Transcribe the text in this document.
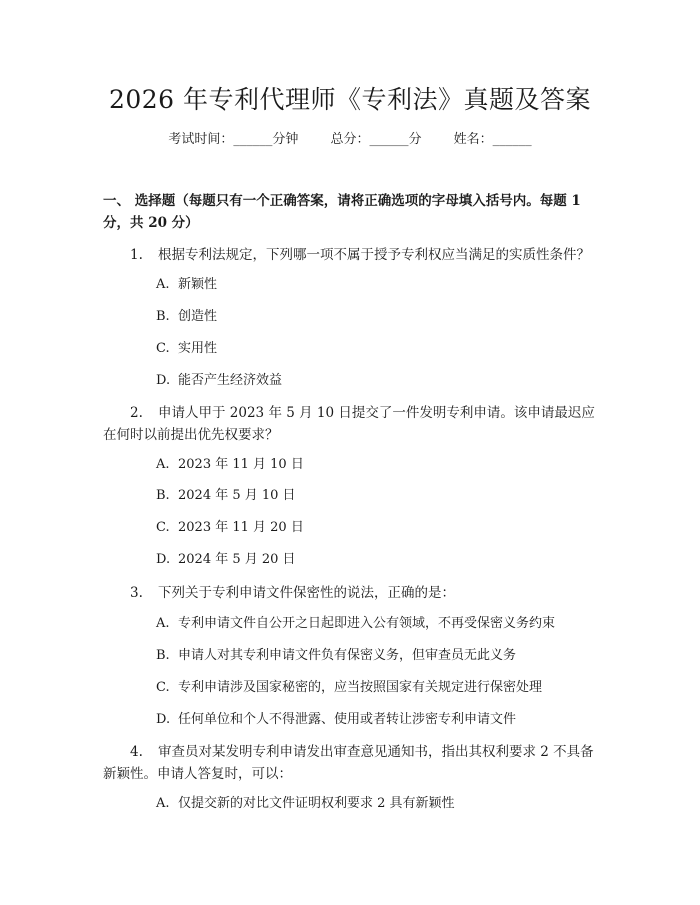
2026 年专利代理师《专利法》真题及答案
考试时间：______分钟 总分：______分 姓名：______
一、 选择题（每题只有一个正确答案，请将正确选项的字母填入括号内。每题 1 分，共 20 分）
1. 根据专利法规定，下列哪一项不属于授予专利权应当满足的实质性条件？
A. 新颖性
B. 创造性
C. 实用性
D. 能否产生经济效益
2. 申请人甲于 2023 年 5 月 10 日提交了一件发明专利申请。该申请最迟应在何时以前提出优先权要求？
A. 2023 年 11 月 10 日
B. 2024 年 5 月 10 日
C. 2023 年 11 月 20 日
D. 2024 年 5 月 20 日
3. 下列关于专利申请文件保密性的说法，正确的是：
A. 专利申请文件自公开之日起即进入公有领域，不再受保密义务约束
B. 申请人对其专利申请文件负有保密义务，但审查员无此义务
C. 专利申请涉及国家秘密的，应当按照国家有关规定进行保密处理
D. 任何单位和个人不得泄露、使用或者转让涉密专利申请文件
4. 审查员对某发明专利申请发出审查意见通知书，指出其权利要求 2 不具备新颖性。申请人答复时，可以：
A. 仅提交新的对比文件证明权利要求 2 具有新颖性
